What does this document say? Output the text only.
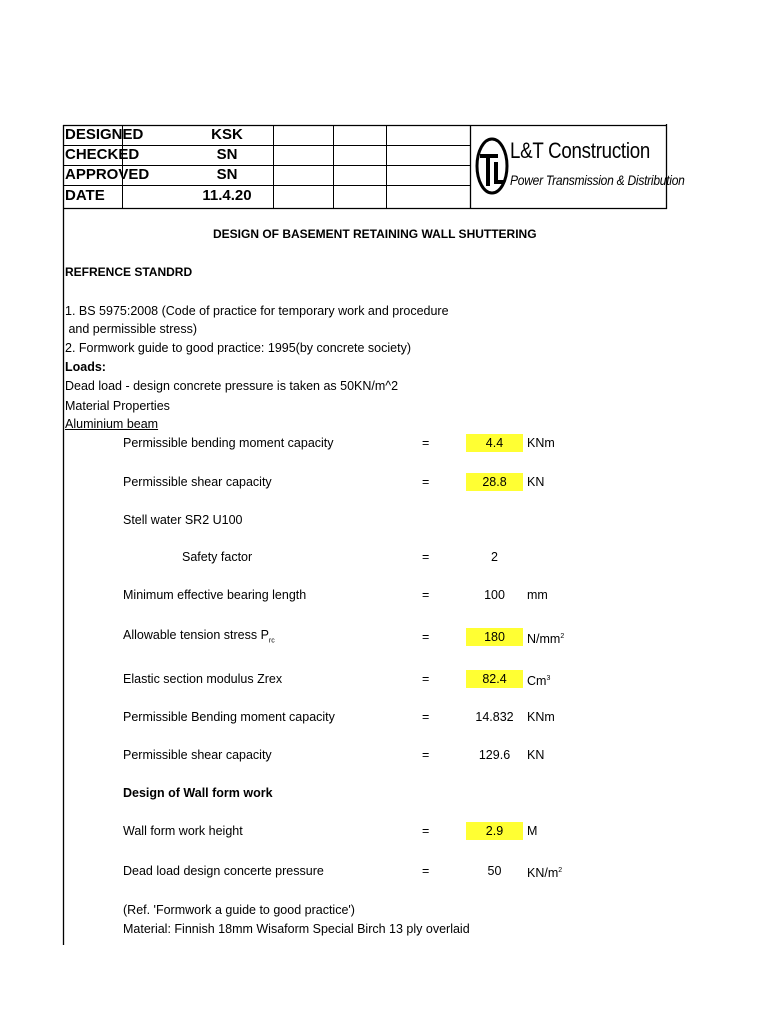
DESIGNED	KSK
CHECKED	SN
APPROVED	SN
DATE	11.4.20
L&T Construction
Power Transmission & Distribution
DESIGN OF BASEMENT RETAINING WALL SHUTTERING
REFRENCE STANDRD
1. BS 5975:2008 (Code of practice for temporary work and procedure
and permissible stress)
2. Formwork guide to good practice: 1995(by concrete society)
Loads:
Dead load - design concrete pressure is taken as 50KN/m^2
Material Properties
Aluminium beam
Permissible bending moment capacity	=	4.4	KNm
Permissible shear capacity	=	28.8	KN
Stell water SR2 U100
Safety factor	=	2
Minimum effective bearing length	=	100	mm
Allowable tension stress $P_{rc}$	=	180	$N/mm^2$
Elastic section modulus Zrex	=	82.4	Cm$^3$
Permissible Bending moment capacity	=	14.832	KNm
Permissible shear capacity	=	129.6	KN
Design of Wall form work
Wall form work height	=	2.9	M
Dead load design concerte pressure	=	50	$KN/m^2$
(Ref. 'Formwork a guide to good practice')
Material: Finnish 18mm Wisaform Special Birch 13 ply overlaid
